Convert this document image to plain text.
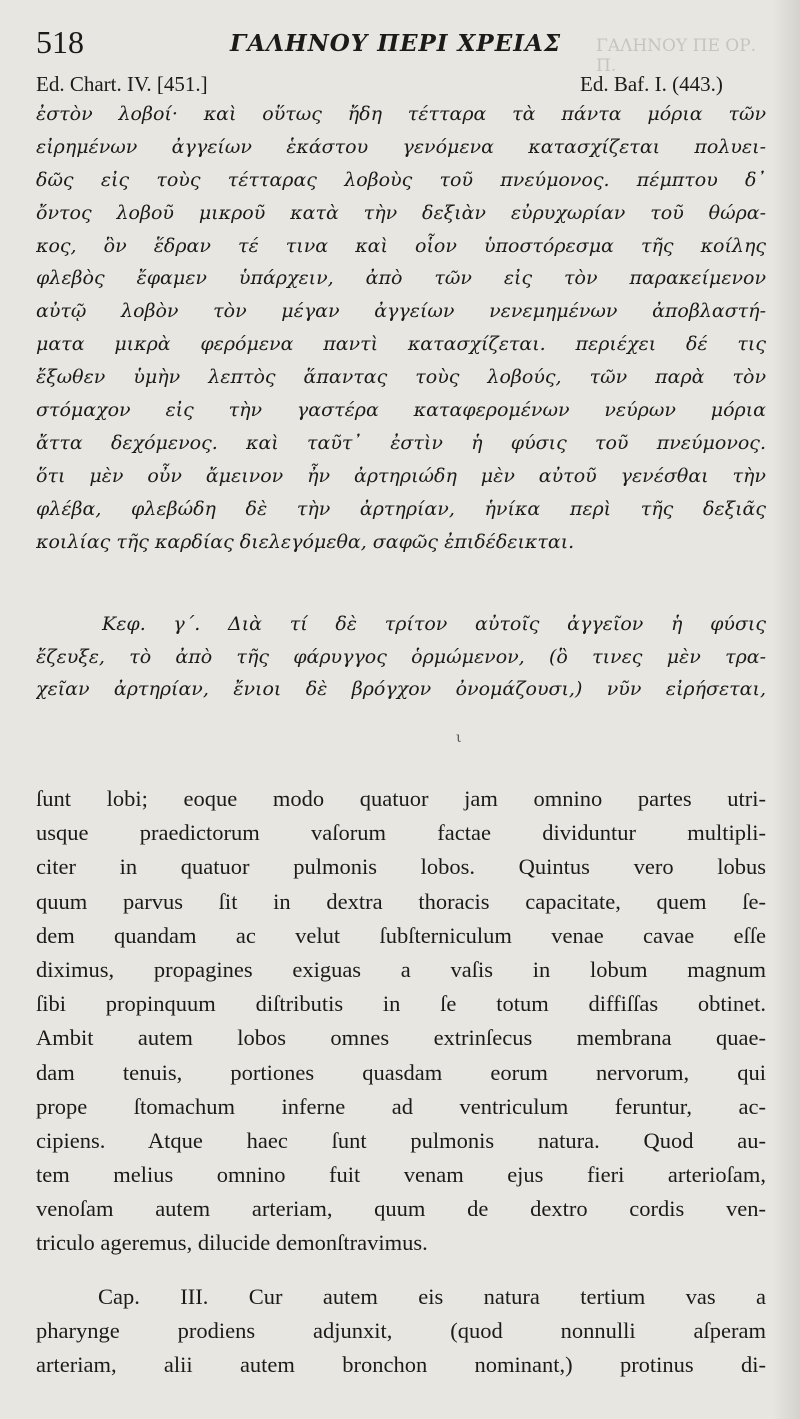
518	ΓΑΛΗΝΟΥ ΠΕΡΙ ΧΡΕΙΑΣ ΓΑΛΗΝΟΥ ΠΕ ΟΡ. Π.
Ed. Chart. IV. [451.]	Ed. Baf. I. (443.)
ἐστὸν λοβοί· καὶ οὕτως ἤδη τέτταρα τὰ πάντα μόρια τῶν
εἰρημένων ἀγγείων ἑκάστου γενόμενα κατασχίζεται πολυει-
δῶς εἰς τοὺς τέτταρας λοβοὺς τοῦ πνεύμονος. πέμπτου δ᾽
ὄντος λοβοῦ μικροῦ κατὰ τὴν δεξιὰν εὐρυχωρίαν τοῦ θώρα-
κος, ὃν ἕδραν τέ τινα καὶ οἷον ὑποστόρεσμα τῆς κοίλης
φλεβὸς ἔφαμεν ὑπάρχειν, ἀπὸ τῶν εἰς τὸν παρακείμενον
αὐτῷ λοβὸν τὸν μέγαν ἀγγείων νενεμημένων ἀποβλαστή-
ματα μικρὰ φερόμενα παντὶ κατασχίζεται. περιέχει δέ τις
ἔξωθεν ὑμὴν λεπτὸς ἅπαντας τοὺς λοβούς, τῶν παρὰ τὸν
στόμαχον εἰς τὴν γαστέρα καταφερομένων νεύρων μόρια
ἄττα δεχόμενος. καὶ ταῦτ᾽ ἐστὶν ἡ φύσις τοῦ πνεύμονος.
ὅτι μὲν οὖν ἄμεινον ἦν ἀρτηριώδη μὲν αὐτοῦ γενέσθαι τὴν
φλέβα, φλεβώδη δὲ τὴν ἀρτηρίαν, ἡνίκα περὶ τῆς δεξιᾶς
κοιλίας τῆς καρδίας διελεγόμεθα, σαφῶς ἐπιδέδεικται.
Κεφ. γ΄. Διὰ τί δὲ τρίτον αὐτοῖς ἀγγεῖον ἡ φύσις
ἔζευξε, τὸ ἀπὸ τῆς φάρυγγος ὁρμώμενον, (ὃ τινες μὲν τρα-
χεῖαν ἀρτηρίαν, ἔνιοι δὲ βρόγχον ὀνομάζουσι,) νῦν εἰρήσεται,
ι
ſunt lobi; eoque modo quatuor jam omnino partes utri-
usque praedictorum vaſorum factae dividuntur multipli-
citer in quatuor pulmonis lobos. Quintus vero lobus
quum parvus ſit in dextra thoracis capacitate, quem ſe-
dem quandam ac velut ſubſterniculum venae cavae eſſe
diximus, propagines exiguas a vaſis in lobum magnum
ſibi propinquum diſtributis in ſe totum diffiſſas obtinet.
Ambit autem lobos omnes extrinſecus membrana quae-
dam tenuis, portiones quasdam eorum nervorum, qui
prope ſtomachum inferne ad ventriculum feruntur, ac-
cipiens. Atque haec ſunt pulmonis natura. Quod au-
tem melius omnino fuit venam ejus fieri arterioſam,
venoſam autem arteriam, quum de dextro cordis ven-
triculo ageremus, dilucide demonſtravimus.
Cap. III. Cur autem eis natura tertium vas a
pharynge prodiens adjunxit, (quod nonnulli aſperam
arteriam, alii autem bronchon nominant,) protinus di-
